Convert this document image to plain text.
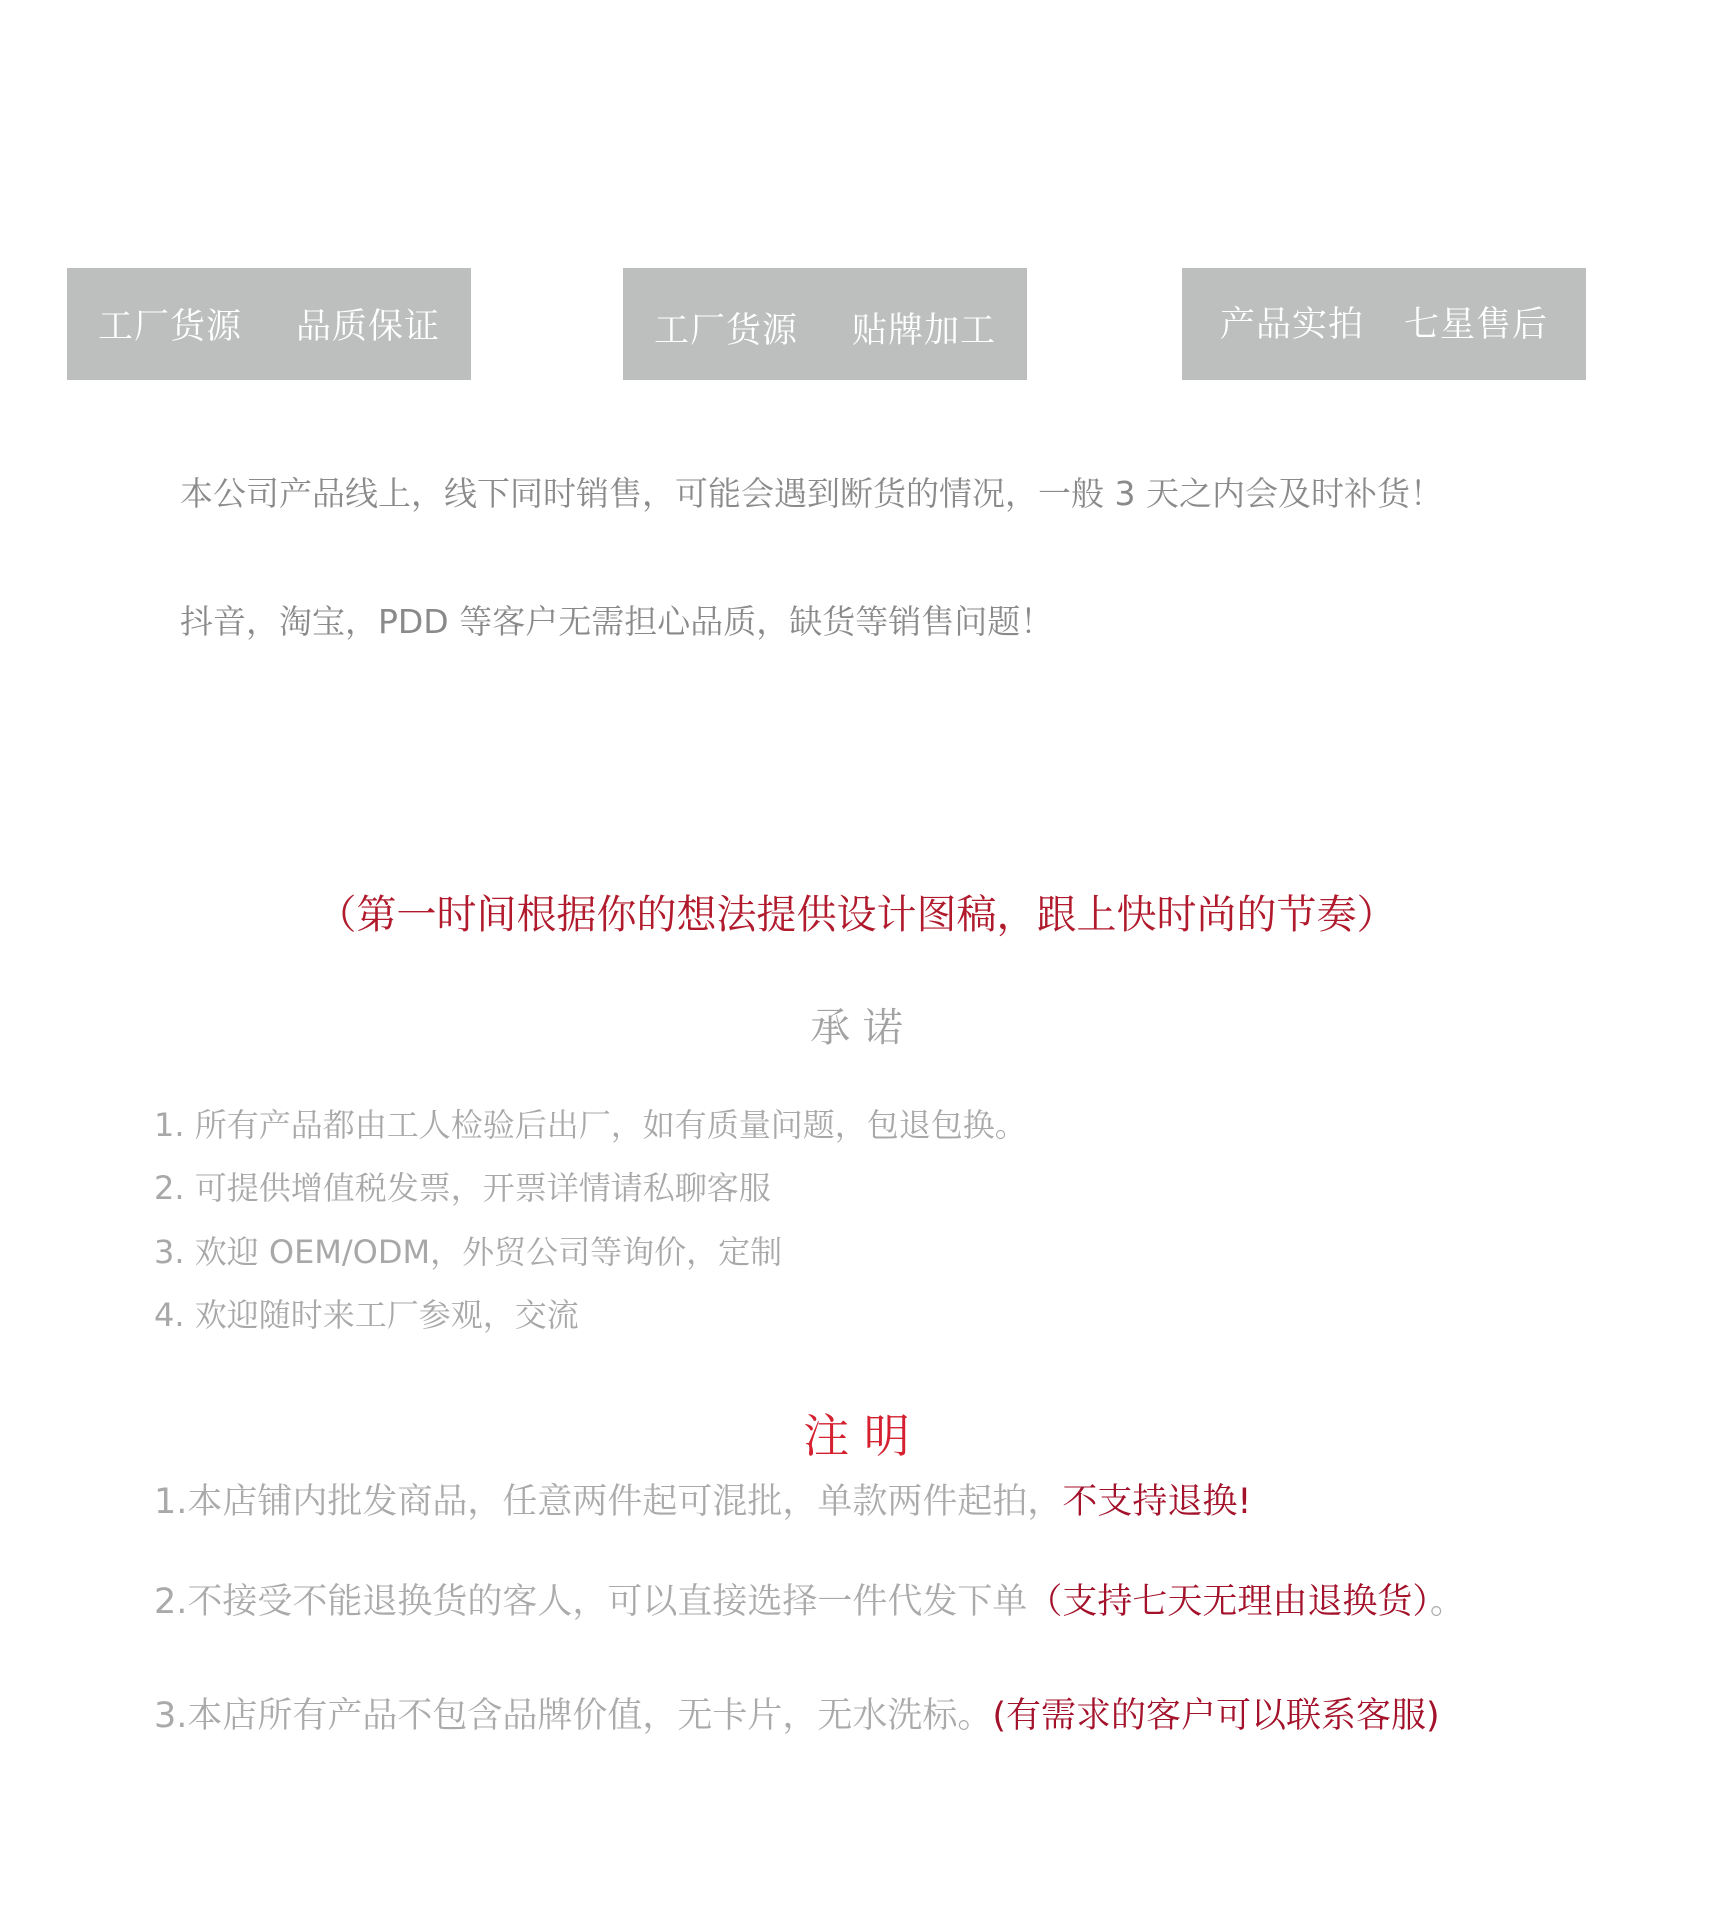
工厂货源 品质保证	工厂货源 贴牌加工	产品实拍 七星售后
本公司产品线上，线下同时销售，可能会遇到断货的情况，一般 3 天之内会及时补货！
抖音，淘宝，PDD 等客户无需担心品质，缺货等销售问题！
（第一时间根据你的想法提供设计图稿，跟上快时尚的节奏）
承 诺
1. 所有产品都由工人检验后出厂，如有质量问题，包退包换。
2. 可提供增值税发票，开票详情请私聊客服
3. 欢迎 OEM/ODM，外贸公司等询价，定制
4. 欢迎随时来工厂参观，交流
注 明
1.本店铺内批发商品，任意两件起可混批，单款两件起拍，不支持退换!
2.不接受不能退换货的客人，可以直接选择一件代发下单（支持七天无理由退换货）。
3.本店所有产品不包含品牌价值，无卡片，无水洗标。(有需求的客户可以联系客服)
